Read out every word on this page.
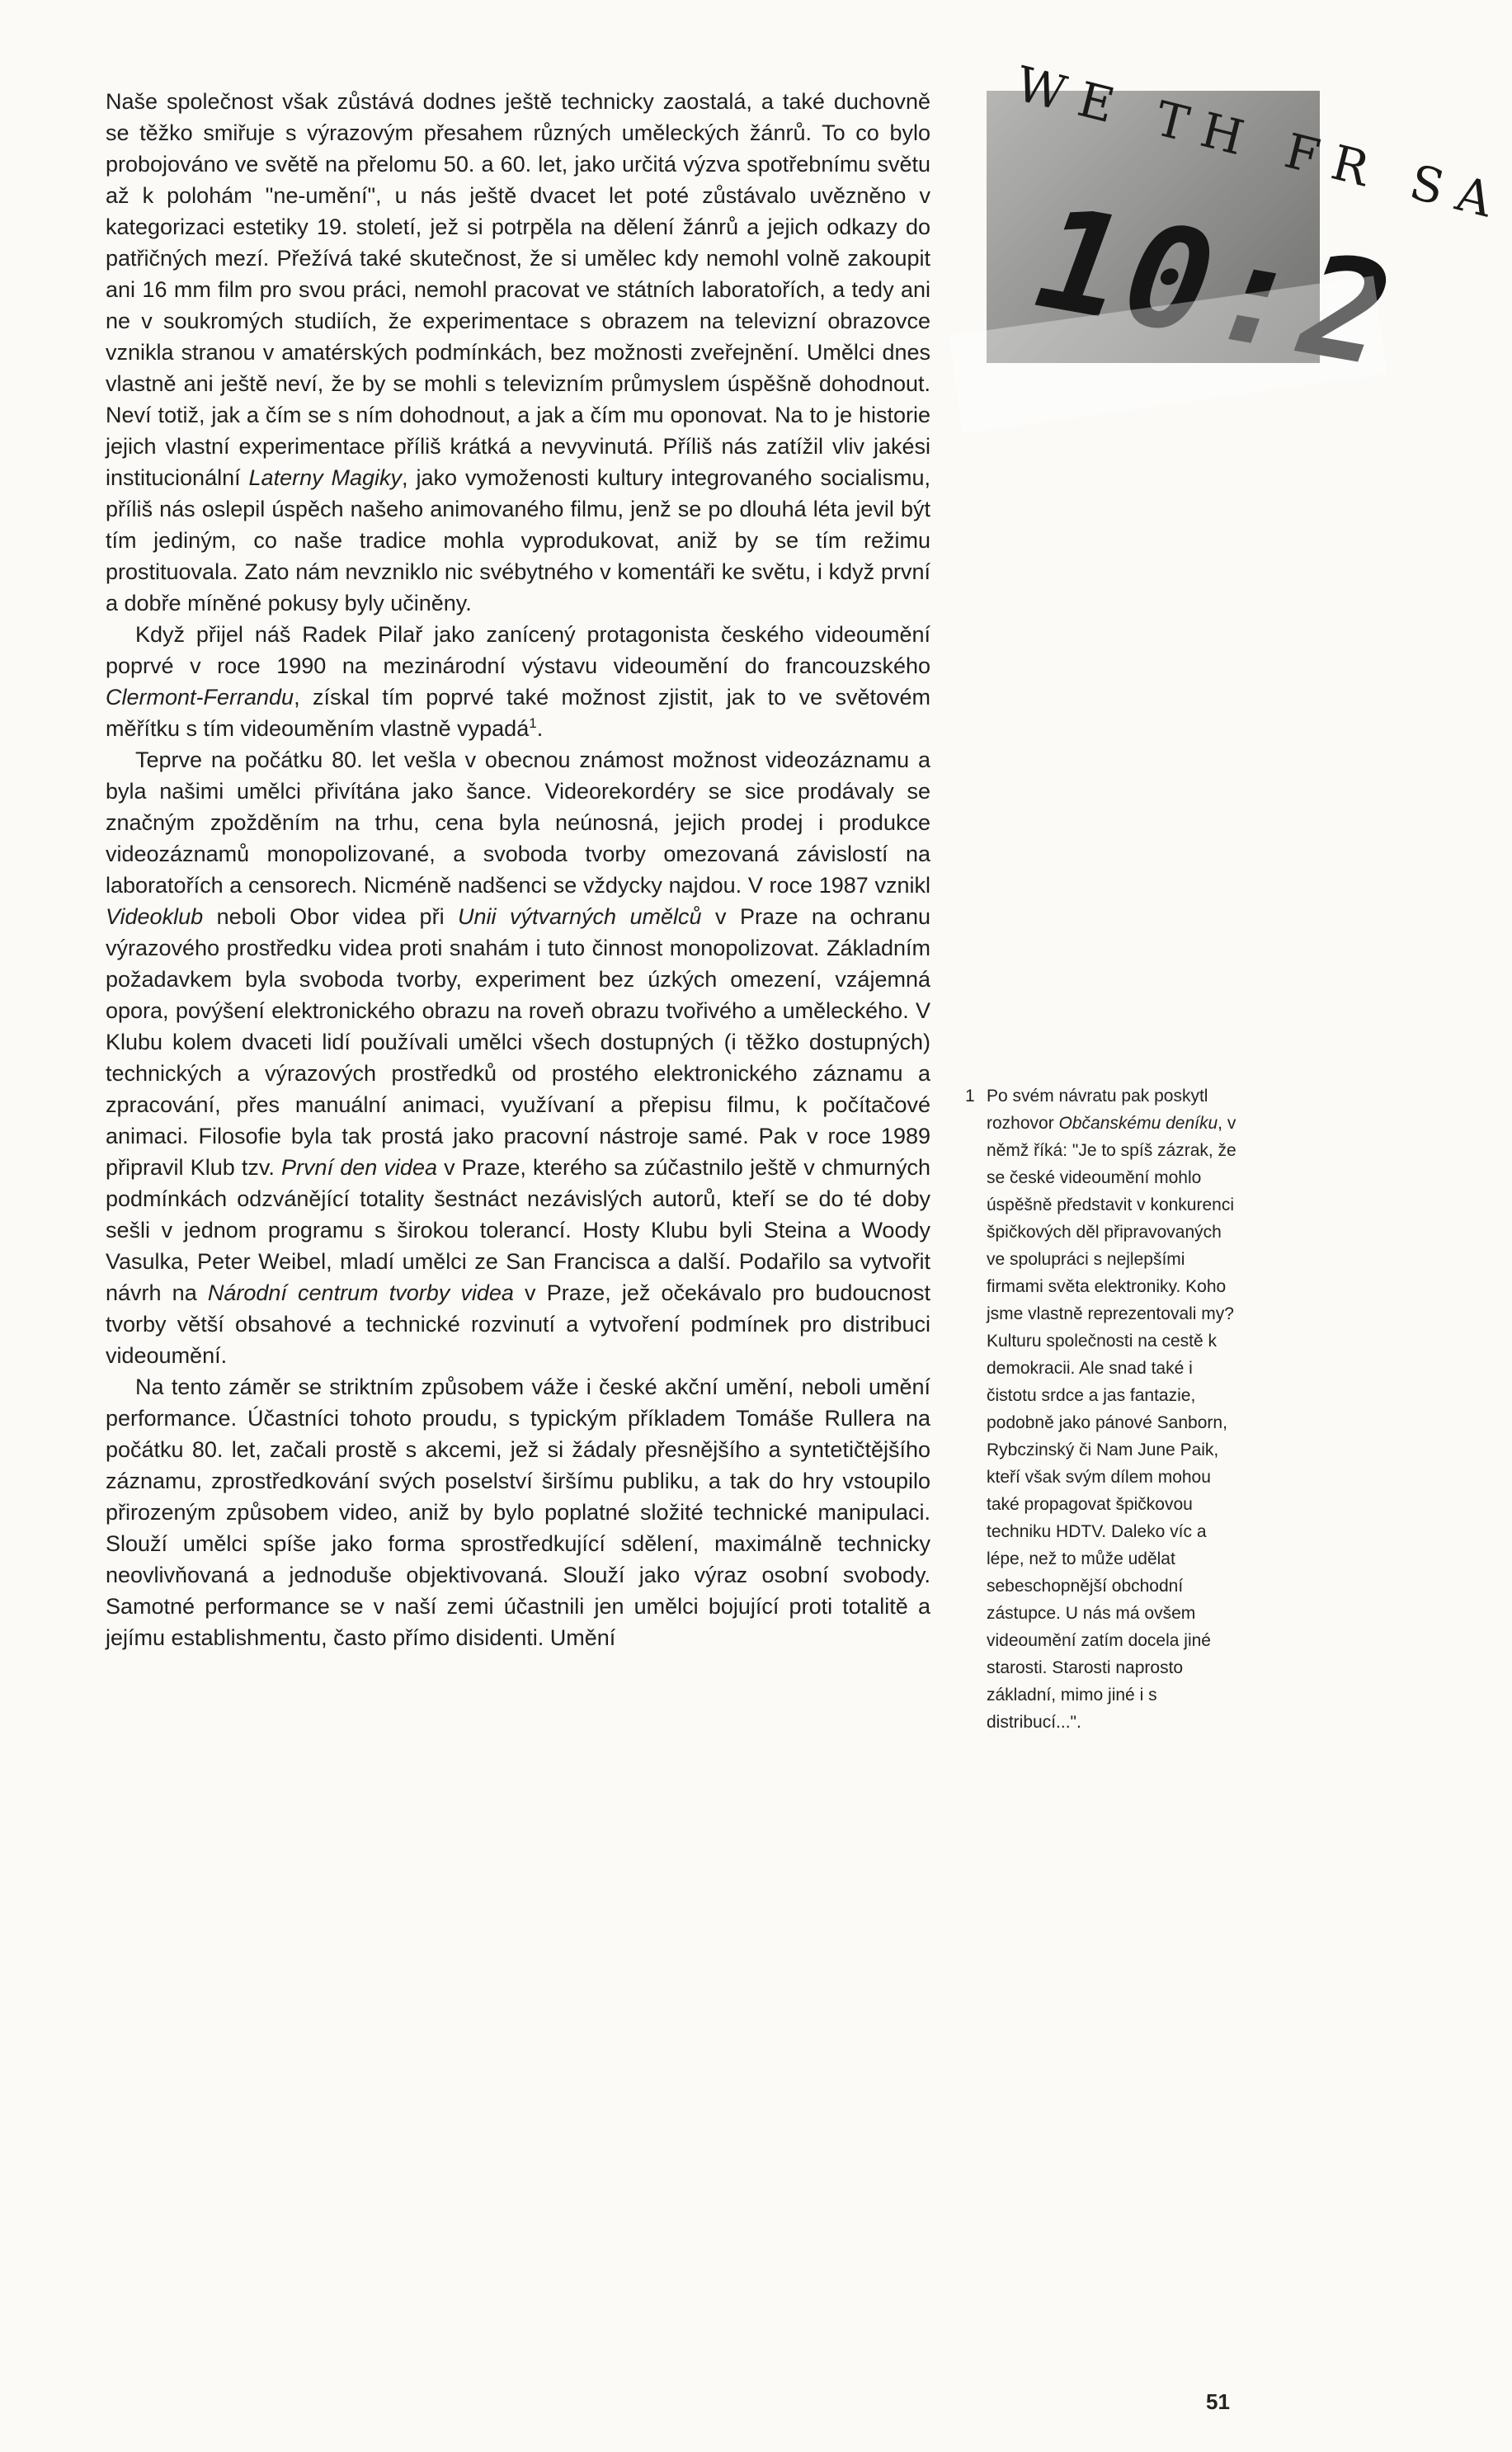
Naše společnost však zůstává dodnes ještě technicky zaostalá, a také duchovně se těžko smiřuje s výrazovým přesahem různých uměleckých žánrů. To co bylo probojováno ve světě na přelomu 50. a 60. let, jako určitá výzva spotřebnímu světu až k polohám "ne-umění", u nás ještě dvacet let poté zůstávalo uvězněno v kategorizaci estetiky 19. století, jež si potrpěla na dělení žánrů a jejich odkazy do patřičných mezí. Přežívá také skutečnost, že si umělec kdy nemohl volně zakoupit ani 16 mm film pro svou práci, nemohl pracovat ve státních laboratořích, a tedy ani ne v soukromých studiích, že experimentace s obrazem na televizní obrazovce vznikla stranou v amatérských podmínkách, bez možnosti zveřejnění. Umělci dnes vlastně ani ještě neví, že by se mohli s televizním průmyslem úspěšně dohodnout. Neví totiž, jak a čím se s ním dohodnout, a jak a čím mu oponovat. Na to je historie jejich vlastní experimentace příliš krátká a nevyvinutá. Příliš nás zatížil vliv jakési institucionální Laterny Magiky, jako vymoženosti kultury integrovaného socialismu, příliš nás oslepil úspěch našeho animovaného filmu, jenž se po dlouhá léta jevil být tím jediným, co naše tradice mohla vyprodukovat, aniž by se tím režimu prostituovala. Zato nám nevzniklo nic svébytného v komentáři ke světu, i když první a dobře míněné pokusy byly učiněny.

Když přijel náš Radek Pilař jako zanícený protagonista českého videoumění poprvé v roce 1990 na mezinárodní výstavu videoumění do francouzského Clermont-Ferrandu, získal tím poprvé také možnost zjistit, jak to ve světovém měřítku s tím videouměním vlastně vypadá$^1$.

Teprve na počátku 80. let vešla v obecnou známost možnost videozáznamu a byla našimi umělci přivítána jako šance. Videorekordéry se sice prodávaly se značným zpožděním na trhu, cena byla neúnosná, jejich prodej i produkce videozáznamů monopolizované, a svoboda tvorby omezovaná závislostí na laboratořích a censorech. Nicméně nadšenci se vždycky najdou. V roce 1987 vznikl Videoklub neboli Obor videa při Unii výtvarných umělců v Praze na ochranu výrazového prostředku videa proti snahám i tuto činnost monopolizovat. Základním požadavkem byla svoboda tvorby, experiment bez úzkých omezení, vzájemná opora, povýšení elektronického obrazu na roveň obrazu tvořivého a uměleckého. V Klubu kolem dvaceti lidí používali umělci všech dostupných (i těžko dostupných) technických a výrazových prostředků od prostého elektronického záznamu a zpracování, přes manuální animaci, využívaní a přepisu filmu, k počítačové animaci. Filosofie byla tak prostá jako pracovní nástroje samé. Pak v roce 1989 připravil Klub tzv. První den videa v Praze, kterého sa zúčastnilo ještě v chmurných podmínkách odzvánějící totality šestnáct nezávislých autorů, kteří se do té doby sešli v jednom programu s širokou tolerancí. Hosty Klubu byli Steina a Woody Vasulka, Peter Weibel, mladí umělci ze San Francisca a další. Podařilo sa vytvořit návrh na Národní centrum tvorby videa v Praze, jež očekávalo pro budoucnost tvorby větší obsahové a technické rozvinutí a vytvoření podmínek pro distribuci videoumění.

Na tento záměr se striktním způsobem váže i české akční umění, neboli umění performance. Účastníci tohoto proudu, s typickým příkladem Tomáše Rullera na počátku 80. let, začali prostě s akcemi, jež si žádaly přesnějšího a syntetičtějšího záznamu, zprostředkování svých poselství širšímu publiku, a tak do hry vstoupilo přirozeným způsobem video, aniž by bylo poplatné složité technické manipulaci. Slouží umělci spíše jako forma sprostředkující sdělení, maximálně technicky neovlivňovaná a jednoduše objektivovaná. Slouží jako výraz osobní svobody. Samotné performance se v naší zemi účastnili jen umělci bojující proti totalitě a jejímu establishmentu, často přímo disidenti. Umění

WE TH FR SA
10:2
1 Po svém návratu pak poskytl rozhovor Občanskému deníku, v němž říká: "Je to spíš zázrak, že se české videoumění mohlo úspěšně představit v konkurenci špičkových děl připravovaných ve spolupráci s nejlepšími firmami světa elektroniky. Koho jsme vlastně reprezentovali my? Kulturu společnosti na cestě k demokracii. Ale snad také i čistotu srdce a jas fantazie, podobně jako pánové Sanborn, Rybczinský či Nam June Paik, kteří však svým dílem mohou také propagovat špičkovou techniku HDTV. Daleko víc a lépe, než to může udělat sebeschopnější obchodní zástupce. U nás má ovšem videoumění zatím docela jiné starosti. Starosti naprosto základní, mimo jiné i s distribucí...".
51
